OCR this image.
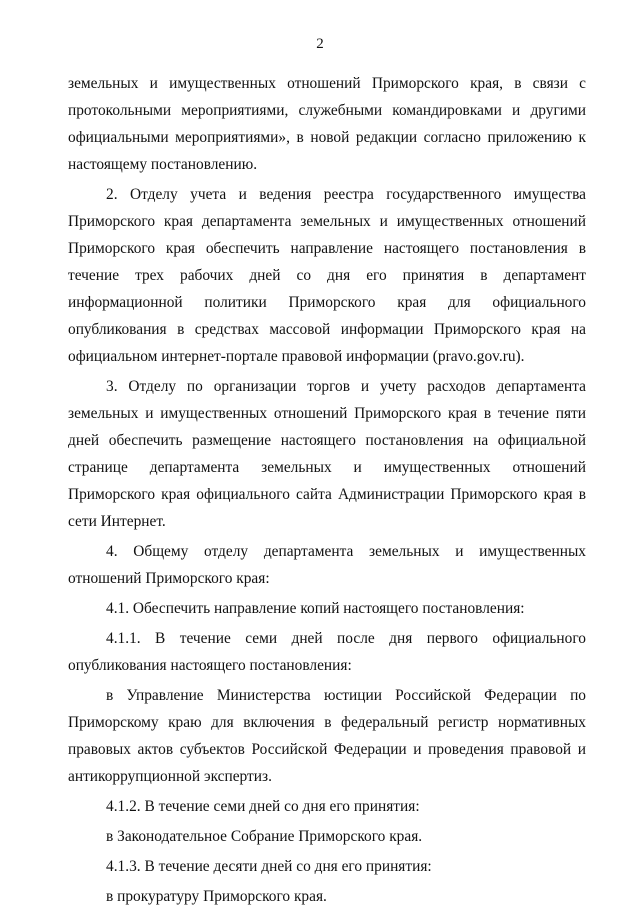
2

земельных и имущественных отношений Приморского края, в связи с протокольными мероприятиями, служебными командировками и другими официальными мероприятиями», в новой редакции согласно приложению к настоящему постановлению.

2. Отделу учета и ведения реестра государственного имущества Приморского края департамента земельных и имущественных отношений Приморского края обеспечить направление настоящего постановления в течение трех рабочих дней со дня его принятия в департамент информационной политики Приморского края для официального опубликования в средствах массовой информации Приморского края на официальном интернет-портале правовой информации (pravo.gov.ru).

3. Отделу по организации торгов и учету расходов департамента земельных и имущественных отношений Приморского края в течение пяти дней обеспечить размещение настоящего постановления на официальной странице департамента земельных и имущественных отношений Приморского края официального сайта Администрации Приморского края в сети Интернет.

4. Общему отделу департамента земельных и имущественных отношений Приморского края:

4.1. Обеспечить направление копий настоящего постановления:

4.1.1. В течение семи дней после дня первого официального опубликования настоящего постановления:

в Управление Министерства юстиции Российской Федерации по Приморскому краю для включения в федеральный регистр нормативных правовых актов субъектов Российской Федерации и проведения правовой и антикоррупционной экспертиз.

4.1.2. В течение семи дней со дня его принятия:

в Законодательное Собрание Приморского края.

4.1.3. В течение десяти дней со дня его принятия:

в прокуратуру Приморского края.
